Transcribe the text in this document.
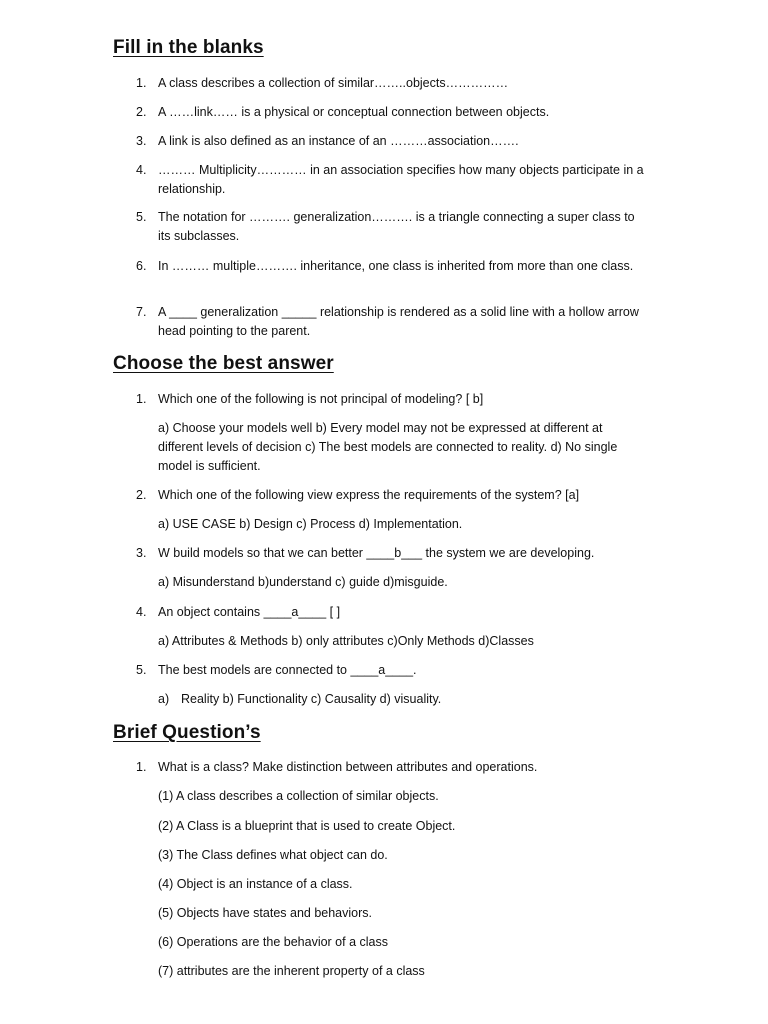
Fill in the blanks
1. A class describes a collection of similar……..objects……………
2. A ……link…… is a physical or conceptual connection between objects.
3. A link is also defined as an instance of an ………association…….
4. ……… Multiplicity………… in an association specifies how many objects participate in a relationship.
5. The notation for ………. generalization………. is a triangle connecting a super class to its subclasses.
6. In ……… multiple………. inheritance, one class is inherited from more than one class.
7. A ____ generalization _____ relationship is rendered as a solid line with a hollow arrow head pointing to the parent.
Choose the best answer
1. Which one of the following is not principal of modeling? [ b]
a) Choose your models well b) Every model may not be expressed at different at different levels of decision c) The best models are connected to reality. d) No single model is sufficient.
2. Which one of the following view express the requirements of the system? [a]
a) USE CASE b) Design c) Process d) Implementation.
3. W build models so that we can better ____b___ the system we are developing.
a) Misunderstand b)understand c) guide d)misguide.
4. An object contains ____a____ [ ]
a) Attributes & Methods b) only attributes c)Only Methods d)Classes
5. The best models are connected to ____a____.
a) Reality b) Functionality c) Causality d) visuality.
Brief Question’s
1. What is a class? Make distinction between attributes and operations.
(1) A class describes a collection of similar objects.
(2) A Class is a blueprint that is used to create Object.
(3) The Class defines what object can do.
(4) Object is an instance of a class.
(5) Objects have states and behaviors.
(6) Operations are the behavior of a class
(7) attributes are the inherent property of a class
